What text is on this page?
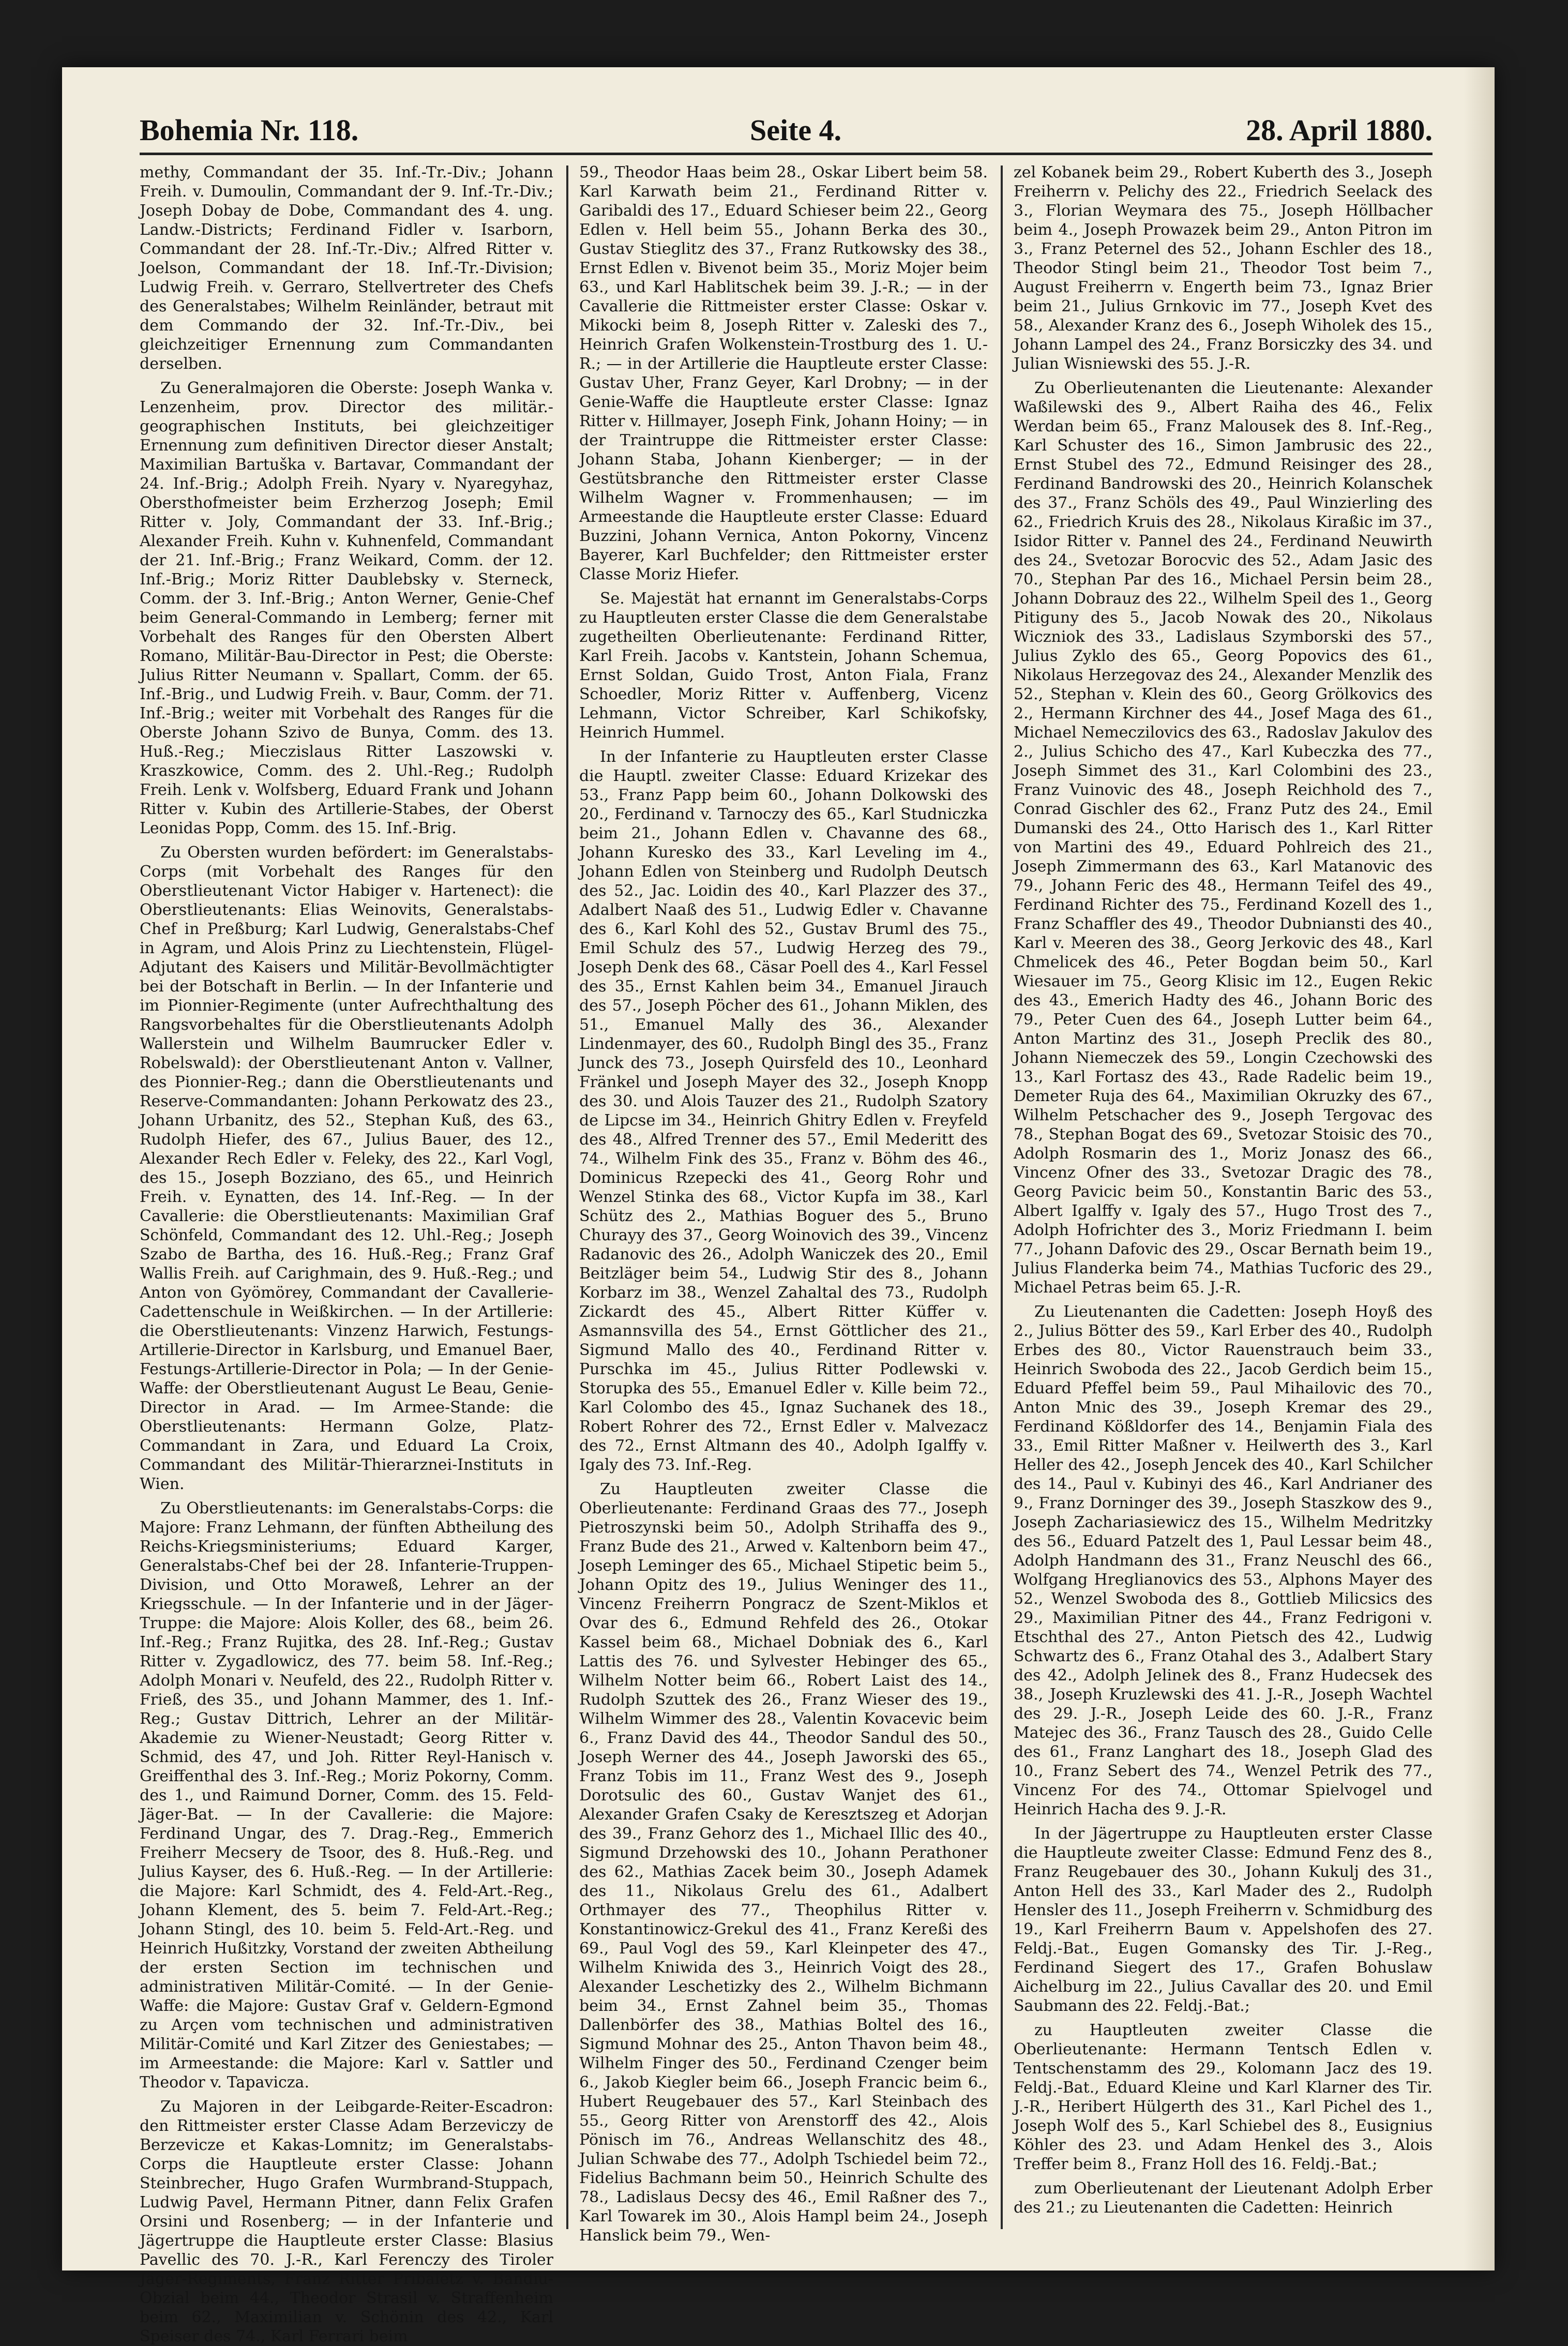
Bohemia Nr. 118.	Seite 4.	28. April 1880.

methy, Commandant der 35. Inf.-Tr.-Div.; Johann Freih. v. Dumoulin, Commandant der 9. Inf.-Tr.-Div.; Joseph Dobay de Dobe, Commandant des 4. ung. Landw.-Districts; Ferdinand Fidler v. Isarborn, Commandant der 28. Inf.-Tr.-Div.; Alfred Ritter v. Joelson, Commandant der 18. Inf.-Tr.-Division; Ludwig Freih. v. Gerraro, Stellvertreter des Chefs des Generalstabes; Wilhelm Reinländer, betraut mit dem Commando der 32. Inf.-Tr.-Div., bei gleichzeitiger Ernennung zum Commandanten derselben.

Zu Generalmajoren die Oberste: Joseph Wanka v. Lenzenheim, prov. Director des militär.-geographischen Instituts, bei gleichzeitiger Ernennung zum definitiven Director dieser Anstalt; Maximilian Bartuška v. Bartavar, Commandant der 24. Inf.-Brig.; Adolph Freih. Nyary v. Nyaregyhaz, Obersthofmeister beim Erzherzog Joseph; Emil Ritter v. Joly, Commandant der 33. Inf.-Brig.; Alexander Freih. Kuhn v. Kuhnenfeld, Commandant der 21. Inf.-Brig.; Franz Weikard, Comm. der 12. Inf.-Brig.; Moriz Ritter Daublebsky v. Sterneck, Comm. der 3. Inf.-Brig.; Anton Werner, Genie-Chef beim General-Commando in Lemberg; ferner mit Vorbehalt des Ranges für den Obersten Albert Romano, Militär-Bau-Director in Pest; die Oberste: Julius Ritter Neumann v. Spallart, Comm. der 65. Inf.-Brig., und Ludwig Freih. v. Baur, Comm. der 71. Inf.-Brig.; weiter mit Vorbehalt des Ranges für die Oberste Johann Szivo de Bunya, Comm. des 13. Huß.-Reg.; Mieczislaus Ritter Laszowski v. Kraszkowice, Comm. des 2. Uhl.-Reg.; Rudolph Freih. Lenk v. Wolfsberg, Eduard Frank und Johann Ritter v. Kubin des Artillerie-Stabes, der Oberst Leonidas Popp, Comm. des 15. Inf.-Brig.

Zu Obersten wurden befördert: im Generalstabs-Corps (mit Vorbehalt des Ranges für den Oberstlieutenant Victor Habiger v. Hartenect): die Oberstlieutenants: Elias Weinovits, Generalstabs-Chef in Preßburg; Karl Ludwig, Generalstabs-Chef in Agram, und Alois Prinz zu Liechtenstein, Flügel-Adjutant des Kaisers und Militär-Bevollmächtigter bei der Botschaft in Berlin. — In der Infanterie und im Pionnier-Regimente (unter Aufrechthaltung des Rangsvorbehaltes für die Oberstlieutenants Adolph Wallerstein und Wilhelm Baumrucker Edler v. Robelswald): der Oberstlieutenant Anton v. Vallner, des Pionnier-Reg.; dann die Oberstlieutenants und Reserve-Commandanten: Johann Perkowatz des 23., Johann Urbanitz, des 52., Stephan Kuß, des 63., Rudolph Hiefer, des 67., Julius Bauer, des 12., Alexander Rech Edler v. Feleky, des 22., Karl Vogl, des 15., Joseph Bozziano, des 65., und Heinrich Freih. v. Eynatten, des 14. Inf.-Reg. — In der Cavallerie: die Oberstlieutenants: Maximilian Graf Schönfeld, Commandant des 12. Uhl.-Reg.; Joseph Szabo de Bartha, des 16. Huß.-Reg.; Franz Graf Wallis Freih. auf Carighmain, des 9. Huß.-Reg.; und Anton von Gyömörey, Commandant der Cavallerie-Cadettenschule in Weißkirchen. — In der Artillerie: die Oberstlieutenants: Vinzenz Harwich, Festungs-Artillerie-Director in Karlsburg, und Emanuel Baer, Festungs-Artillerie-Director in Pola; — In der Genie-Waffe: der Oberstlieutenant August Le Beau, Genie-Director in Arad. — Im Armee-Stande: die Oberstlieutenants: Hermann Golze, Platz-Commandant in Zara, und Eduard La Croix, Commandant des Militär-Thierarznei-Instituts in Wien.

Zu Oberstlieutenants: im Generalstabs-Corps: die Majore: Franz Lehmann, der fünften Abtheilung des Reichs-Kriegsministeriums; Eduard Karger, Generalstabs-Chef bei der 28. Infanterie-Truppen-Division, und Otto Moraweß, Lehrer an der Kriegsschule. — In der Infanterie und in der Jäger-Truppe: die Majore: Alois Koller, des 68., beim 26. Inf.-Reg.; Franz Rujitka, des 28. Inf.-Reg.; Gustav Ritter v. Zygadlowicz, des 77. beim 58. Inf.-Reg.; Adolph Monari v. Neufeld, des 22., Rudolph Ritter v. Frieß, des 35., und Johann Mammer, des 1. Inf.-Reg.; Gustav Dittrich, Lehrer an der Militär-Akademie zu Wiener-Neustadt; Georg Ritter v. Schmid, des 47, und Joh. Ritter Reyl-Hanisch v. Greiffenthal des 3. Inf.-Reg.; Moriz Pokorny, Comm. des 1., und Raimund Dorner, Comm. des 15. Feld-Jäger-Bat. — In der Cavallerie: die Majore: Ferdinand Ungar, des 7. Drag.-Reg., Emmerich Freiherr Mecsery de Tsoor, des 8. Huß.-Reg. und Julius Kayser, des 6. Huß.-Reg. — In der Artillerie: die Majore: Karl Schmidt, des 4. Feld-Art.-Reg., Johann Klement, des 5. beim 7. Feld-Art.-Reg.; Johann Stingl, des 10. beim 5. Feld-Art.-Reg. und Heinrich Hußitzky, Vorstand der zweiten Abtheilung der ersten Section im technischen und administrativen Militär-Comité. — In der Genie-Waffe: die Majore: Gustav Graf v. Geldern-Egmond zu Arçen vom technischen und administrativen Militär-Comité und Karl Zitzer des Geniestabes; — im Armeestande: die Majore: Karl v. Sattler und Theodor v. Tapavicza.

Zu Majoren in der Leibgarde-Reiter-Escadron: den Rittmeister erster Classe Adam Berzeviczy de Berzevicze et Kakas-Lomnitz; im Generalstabs-Corps die Hauptleute erster Classe: Johann Steinbrecher, Hugo Grafen Wurmbrand-Stuppach, Ludwig Pavel, Hermann Pitner, dann Felix Grafen Orsini und Rosenberg; — in der Infanterie und Jägertruppe die Hauptleute erster Classe: Blasius Pavellic des 70. J.-R., Karl Ferenczy des Tiroler Jäger-Regiments, Franz Ritter Pribaletz v. Bandiu-Obzial beim 44., Theodor Strasil v. Straffenheim beim 62., Maximilian v. Schönin des 42., Karl Speiser des 74., Karl Ferrari beim

59., Theodor Haas beim 28., Oskar Libert beim 58. Karl Karwath beim 21., Ferdinand Ritter v. Garibaldi des 17., Eduard Schieser beim 22., Georg Edlen v. Hell beim 55., Johann Berka des 30., Gustav Stieglitz des 37., Franz Rutkowsky des 38., Ernst Edlen v. Bivenot beim 35., Moriz Mojer beim 63., und Karl Hablitschek beim 39. J.-R.; — in der Cavallerie die Rittmeister erster Classe: Oskar v. Mikocki beim 8, Joseph Ritter v. Zaleski des 7., Heinrich Grafen Wolkenstein-Trostburg des 1. U.-R.; — in der Artillerie die Hauptleute erster Classe: Gustav Uher, Franz Geyer, Karl Drobny; — in der Genie-Waffe die Hauptleute erster Classe: Ignaz Ritter v. Hillmayer, Joseph Fink, Johann Hoiny; — in der Traintruppe die Rittmeister erster Classe: Johann Staba, Johann Kienberger; — in der Gestütsbranche den Rittmeister erster Classe Wilhelm Wagner v. Frommenhausen; — im Armeestande die Hauptleute erster Classe: Eduard Buzzini, Johann Vernica, Anton Pokorny, Vincenz Bayerer, Karl Buchfelder; den Rittmeister erster Classe Moriz Hiefer.

Se. Majestät hat ernannt im Generalstabs-Corps zu Hauptleuten erster Classe die dem Generalstabe zugetheilten Oberlieutenante: Ferdinand Ritter, Karl Freih. Jacobs v. Kantstein, Johann Schemua, Ernst Soldan, Guido Trost, Anton Fiala, Franz Schoedler, Moriz Ritter v. Auffenberg, Vicenz Lehmann, Victor Schreiber, Karl Schikofsky, Heinrich Hummel.

In der Infanterie zu Hauptleuten erster Classe die Hauptl. zweiter Classe: Eduard Krizekar des 53., Franz Papp beim 60., Johann Dolkowski des 20., Ferdinand v. Tarnoczy des 65., Karl Studniczka beim 21., Johann Edlen v. Chavanne des 68., Johann Kuresko des 33., Karl Leveling im 4., Johann Edlen von Steinberg und Rudolph Deutsch des 52., Jac. Loidin des 40., Karl Plazzer des 37., Adalbert Naaß des 51., Ludwig Edler v. Chavanne des 6., Karl Kohl des 52., Gustav Bruml des 75., Emil Schulz des 57., Ludwig Herzeg des 79., Joseph Denk des 68., Cäsar Poell des 4., Karl Fessel des 35., Ernst Kahlen beim 34., Emanuel Jirauch des 57., Joseph Pöcher des 61., Johann Miklen, des 51., Emanuel Mally des 36., Alexander Lindenmayer, des 60., Rudolph Bingl des 35., Franz Junck des 73., Joseph Quirsfeld des 10., Leonhard Fränkel und Joseph Mayer des 32., Joseph Knopp des 30. und Alois Tauzer des 21., Rudolph Szatory de Lipcse im 34., Heinrich Ghitry Edlen v. Freyfeld des 48., Alfred Trenner des 57., Emil Mederitt des 74., Wilhelm Fink des 35., Franz v. Böhm des 46., Dominicus Rzepecki des 41., Georg Rohr und Wenzel Stinka des 68., Victor Kupfa im 38., Karl Schütz des 2., Mathias Boguer des 5., Bruno Churayy des 37., Georg Woinovich des 39., Vincenz Radanovic des 26., Adolph Waniczek des 20., Emil Beitzläger beim 54., Ludwig Stir des 8., Johann Korbarz im 38., Wenzel Zahaltal des 73., Rudolph Zickardt des 45., Albert Ritter Küffer v. Asmannsvilla des 54., Ernst Göttlicher des 21., Sigmund Mallo des 40., Ferdinand Ritter v. Purschka im 45., Julius Ritter Podlewski v. Storupka des 55., Emanuel Edler v. Kille beim 72., Karl Colombo des 45., Ignaz Suchanek des 18., Robert Rohrer des 72., Ernst Edler v. Malvezacz des 72., Ernst Altmann des 40., Adolph Igalffy v. Igaly des 73. Inf.-Reg.

Zu Hauptleuten zweiter Classe die Oberlieutenante: Ferdinand Graas des 77., Joseph Pietroszynski beim 50., Adolph Strihaffa des 9., Franz Bude des 21., Arwed v. Kaltenborn beim 47., Joseph Leminger des 65., Michael Stipetic beim 5., Johann Opitz des 19., Julius Weninger des 11., Vincenz Freiherrn Pongracz de Szent-Miklos et Ovar des 6., Edmund Rehfeld des 26., Otokar Kassel beim 68., Michael Dobniak des 6., Karl Lattis des 76. und Sylvester Hebinger des 65., Wilhelm Notter beim 66., Robert Laist des 14., Rudolph Szuttek des 26., Franz Wieser des 19., Wilhelm Wimmer des 28., Valentin Kovacevic beim 6., Franz David des 44., Theodor Sandul des 50., Joseph Werner des 44., Joseph Jaworski des 65., Franz Tobis im 11., Franz West des 9., Joseph Dorotsulic des 60., Gustav Wanjet des 61., Alexander Grafen Csaky de Keresztszeg et Adorjan des 39., Franz Gehorz des 1., Michael Illic des 40., Sigmund Drzehowski des 10., Johann Perathoner des 62., Mathias Zacek beim 30., Joseph Adamek des 11., Nikolaus Grelu des 61., Adalbert Orthmayer des 77., Theophilus Ritter v. Konstantinowicz-Grekul des 41., Franz Kereßi des 69., Paul Vogl des 59., Karl Kleinpeter des 47., Wilhelm Kniwida des 3., Heinrich Voigt des 28., Alexander Leschetizky des 2., Wilhelm Bichmann beim 34., Ernst Zahnel beim 35., Thomas Dallenbörfer des 38., Mathias Boltel des 16., Sigmund Mohnar des 25., Anton Thavon beim 48., Wilhelm Finger des 50., Ferdinand Czenger beim 6., Jakob Kiegler beim 66., Joseph Francic beim 6., Hubert Reugebauer des 57., Karl Steinbach des 55., Georg Ritter von Arenstorff des 42., Alois Pönisch im 76., Andreas Wellanschitz des 48., Julian Schwabe des 77., Adolph Tschiedel beim 72., Fidelius Bachmann beim 50., Heinrich Schulte des 78., Ladislaus Decsy des 46., Emil Raßner des 7., Karl Towarek im 30., Alois Hampl beim 24., Joseph Hanslick beim 79., Wen-

zel Kobanek beim 29., Robert Kuberth des 3., Joseph Freiherrn v. Pelichy des 22., Friedrich Seelack des 3., Florian Weymara des 75., Joseph Höllbacher beim 4., Joseph Prowazek beim 29., Anton Pitron im 3., Franz Peternel des 52., Johann Eschler des 18., Theodor Stingl beim 21., Theodor Tost beim 7., August Freiherrn v. Engerth beim 73., Ignaz Brier beim 21., Julius Grnkovic im 77., Joseph Kvet des 58., Alexander Kranz des 6., Joseph Wiholek des 15., Johann Lampel des 24., Franz Borsiczky des 34. und Julian Wisniewski des 55. J.-R.

Zu Oberlieutenanten die Lieutenante: Alexander Waßilewski des 9., Albert Raiha des 46., Felix Werdan beim 65., Franz Malousek des 8. Inf.-Reg., Karl Schuster des 16., Simon Jambrusic des 22., Ernst Stubel des 72., Edmund Reisinger des 28., Ferdinand Bandrowski des 20., Heinrich Kolanschek des 37., Franz Schöls des 49., Paul Winzierling des 62., Friedrich Kruis des 28., Nikolaus Kiraßic im 37., Isidor Ritter v. Pannel des 24., Ferdinand Neuwirth des 24., Svetozar Borocvic des 52., Adam Jasic des 70., Stephan Par des 16., Michael Persin beim 28., Johann Dobrauz des 22., Wilhelm Speil des 1., Georg Pitiguny des 5., Jacob Nowak des 20., Nikolaus Wiczniok des 33., Ladislaus Szymborski des 57., Julius Zyklo des 65., Georg Popovics des 61., Nikolaus Herzegovaz des 24., Alexander Menzlik des 52., Stephan v. Klein des 60., Georg Grölkovics des 2., Hermann Kirchner des 44., Josef Maga des 61., Michael Nemeczilovics des 63., Radoslav Jakulov des 2., Julius Schicho des 47., Karl Kubeczka des 77., Joseph Simmet des 31., Karl Colombini des 23., Franz Vuinovic des 48., Joseph Reichhold des 7., Conrad Gischler des 62., Franz Putz des 24., Emil Dumanski des 24., Otto Harisch des 1., Karl Ritter von Martini des 49., Eduard Pohlreich des 21., Joseph Zimmermann des 63., Karl Matanovic des 79., Johann Feric des 48., Hermann Teifel des 49., Ferdinand Richter des 75., Ferdinand Kozell des 1., Franz Schaffler des 49., Theodor Dubniansti des 40., Karl v. Meeren des 38., Georg Jerkovic des 48., Karl Chmelicek des 46., Peter Bogdan beim 50., Karl Wiesauer im 75., Georg Klisic im 12., Eugen Rekic des 43., Emerich Hadty des 46., Johann Boric des 79., Peter Cuen des 64., Joseph Lutter beim 64., Anton Martinz des 31., Joseph Preclik des 80., Johann Niemeczek des 59., Longin Czechowski des 13., Karl Fortasz des 43., Rade Radelic beim 19., Demeter Ruja des 64., Maximilian Okruzky des 67., Wilhelm Petschacher des 9., Joseph Tergovac des 78., Stephan Bogat des 69., Svetozar Stoisic des 70., Adolph Rosmarin des 1., Moriz Jonasz des 66., Vincenz Ofner des 33., Svetozar Dragic des 78., Georg Pavicic beim 50., Konstantin Baric des 53., Albert Igalffy v. Igaly des 57., Hugo Trost des 7., Adolph Hofrichter des 3., Moriz Friedmann I. beim 77., Johann Dafovic des 29., Oscar Bernath beim 19., Julius Flanderka beim 74., Mathias Tucforic des 29., Michael Petras beim 65. J.-R.

Zu Lieutenanten die Cadetten: Joseph Hoyß des 2., Julius Bötter des 59., Karl Erber des 40., Rudolph Erbes des 80., Victor Rauenstrauch beim 33., Heinrich Swoboda des 22., Jacob Gerdich beim 15., Eduard Pfeffel beim 59., Paul Mihailovic des 70., Anton Mnic des 39., Joseph Kremar des 29., Ferdinand Kößldorfer des 14., Benjamin Fiala des 33., Emil Ritter Maßner v. Heilwerth des 3., Karl Heller des 42., Joseph Jencek des 40., Karl Schilcher des 14., Paul v. Kubinyi des 46., Karl Andrianer des 9., Franz Dorninger des 39., Joseph Staszkow des 9., Joseph Zachariasiewicz des 15., Wilhelm Medritzky des 56., Eduard Patzelt des 1, Paul Lessar beim 48., Adolph Handmann des 31., Franz Neuschl des 66., Wolfgang Hreglianovics des 53., Alphons Mayer des 52., Wenzel Swoboda des 8., Gottlieb Milicsics des 29., Maximilian Pitner des 44., Franz Fedrigoni v. Etschthal des 27., Anton Pietsch des 42., Ludwig Schwartz des 6., Franz Otahal des 3., Adalbert Stary des 42., Adolph Jelinek des 8., Franz Hudecsek des 38., Joseph Kruzlewski des 41. J.-R., Joseph Wachtel des 29. J.-R., Joseph Leide des 60. J.-R., Franz Matejec des 36., Franz Tausch des 28., Guido Celle des 61., Franz Langhart des 18., Joseph Glad des 10., Franz Sebert des 74., Wenzel Petrik des 77., Vincenz For des 74., Ottomar Spielvogel und Heinrich Hacha des 9. J.-R.

In der Jägertruppe zu Hauptleuten erster Classe die Hauptleute zweiter Classe: Edmund Fenz des 8., Franz Reugebauer des 30., Johann Kukulj des 31., Anton Hell des 33., Karl Mader des 2., Rudolph Hensler des 11., Joseph Freiherrn v. Schmidburg des 19., Karl Freiherrn Baum v. Appelshofen des 27. Feldj.-Bat., Eugen Gomansky des Tir. J.-Reg., Ferdinand Siegert des 17., Grafen Bohuslaw Aichelburg im 22., Julius Cavallar des 20. und Emil Saubmann des 22. Feldj.-Bat.;

zu Hauptleuten zweiter Classe die Oberlieutenante: Hermann Tentsch Edlen v. Tentschenstamm des 29., Kolomann Jacz des 19. Feldj.-Bat., Eduard Kleine und Karl Klarner des Tir. J.-R., Heribert Hülgerth des 31., Karl Pichel des 1., Joseph Wolf des 5., Karl Schiebel des 8., Eusignius Köhler des 23. und Adam Henkel des 3., Alois Treffer beim 8., Franz Holl des 16. Feldj.-Bat.;

zum Oberlieutenant der Lieutenant Adolph Erber des 21.; zu Lieutenanten die Cadetten: Heinrich
